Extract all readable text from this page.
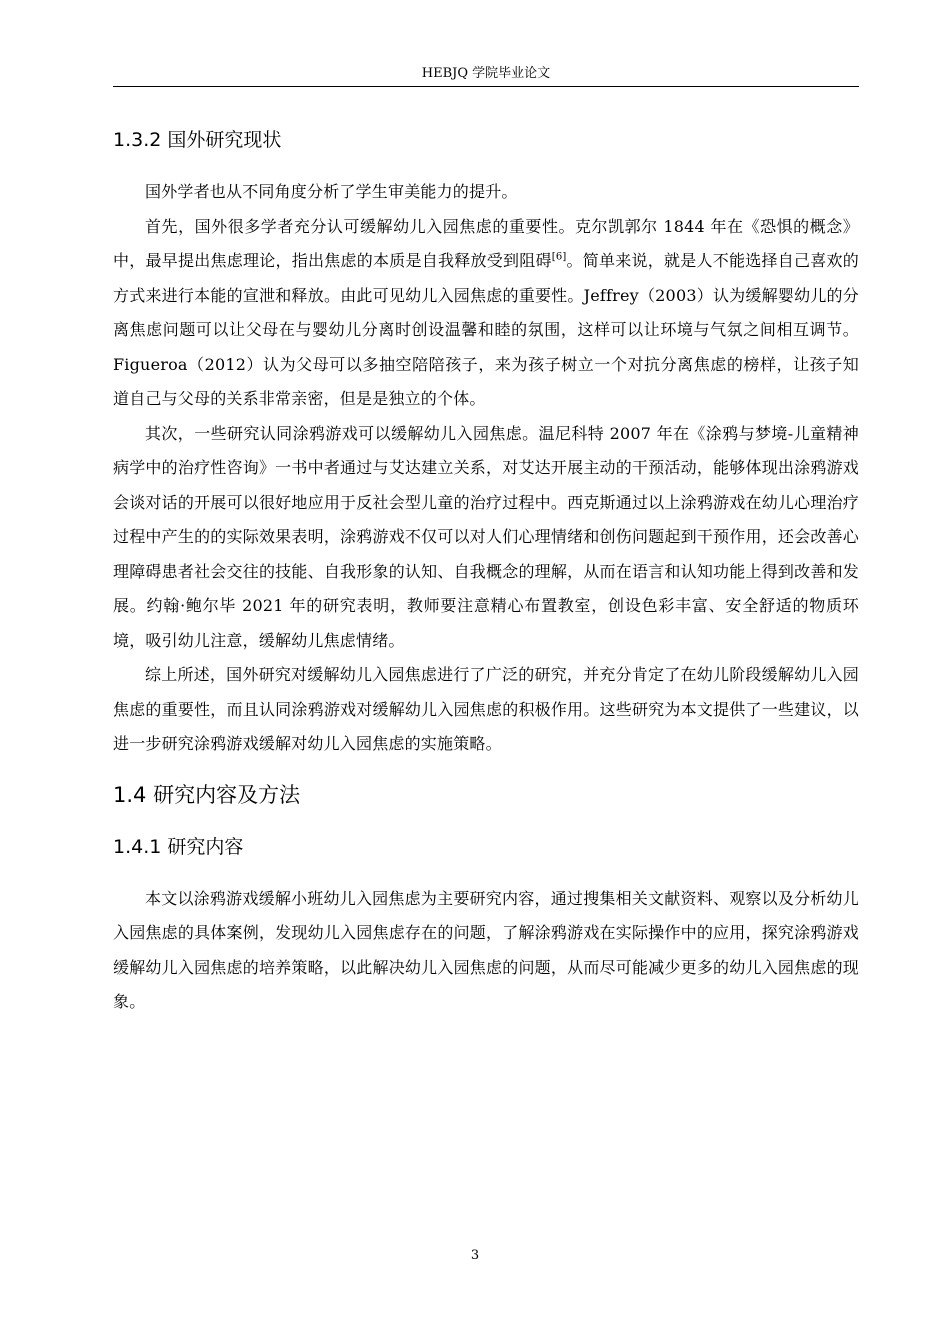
HEBJQ 学院毕业论文
1.3.2 国外研究现状

国外学者也从不同角度分析了学生审美能力的提升。

首先，国外很多学者充分认可缓解幼儿入园焦虑的重要性。克尔凯郭尔 1844 年在《恐惧的概念》中，最早提出焦虑理论，指出焦虑的本质是自我释放受到阻碍[6]。简单来说，就是人不能选择自己喜欢的方式来进行本能的宣泄和释放。由此可见幼儿入园焦虑的重要性。Jeffrey（2003）认为缓解婴幼儿的分离焦虑问题可以让父母在与婴幼儿分离时创设温馨和睦的氛围，这样可以让环境与气氛之间相互调节。Figueroa（2012）认为父母可以多抽空陪陪孩子，来为孩子树立一个对抗分离焦虑的榜样，让孩子知道自己与父母的关系非常亲密，但是是独立的个体。

其次，一些研究认同涂鸦游戏可以缓解幼儿入园焦虑。温尼科特 2007 年在《涂鸦与梦境-儿童精神病学中的治疗性咨询》一书中者通过与艾达建立关系，对艾达开展主动的干预活动，能够体现出涂鸦游戏会谈对话的开展可以很好地应用于反社会型儿童的治疗过程中。西克斯通过以上涂鸦游戏在幼儿心理治疗过程中产生的的实际效果表明，涂鸦游戏不仅可以对人们心理情绪和创伤问题起到干预作用，还会改善心理障碍患者社会交往的技能、自我形象的认知、自我概念的理解，从而在语言和认知功能上得到改善和发展。约翰·鲍尔毕 2021 年的研究表明，教师要注意精心布置教室，创设色彩丰富、安全舒适的物质环境，吸引幼儿注意，缓解幼儿焦虑情绪。

综上所述，国外研究对缓解幼儿入园焦虑进行了广泛的研究，并充分肯定了在幼儿阶段缓解幼儿入园焦虑的重要性，而且认同涂鸦游戏对缓解幼儿入园焦虑的积极作用。这些研究为本文提供了一些建议，以进一步研究涂鸦游戏缓解对幼儿入园焦虑的实施策略。

1.4 研究内容及方法
1.4.1 研究内容

本文以涂鸦游戏缓解小班幼儿入园焦虑为主要研究内容，通过搜集相关文献资料、观察以及分析幼儿入园焦虑的具体案例，发现幼儿入园焦虑存在的问题，了解涂鸦游戏在实际操作中的应用，探究涂鸦游戏缓解幼儿入园焦虑的培养策略，以此解决幼儿入园焦虑的问题，从而尽可能减少更多的幼儿入园焦虑的现象。

3
